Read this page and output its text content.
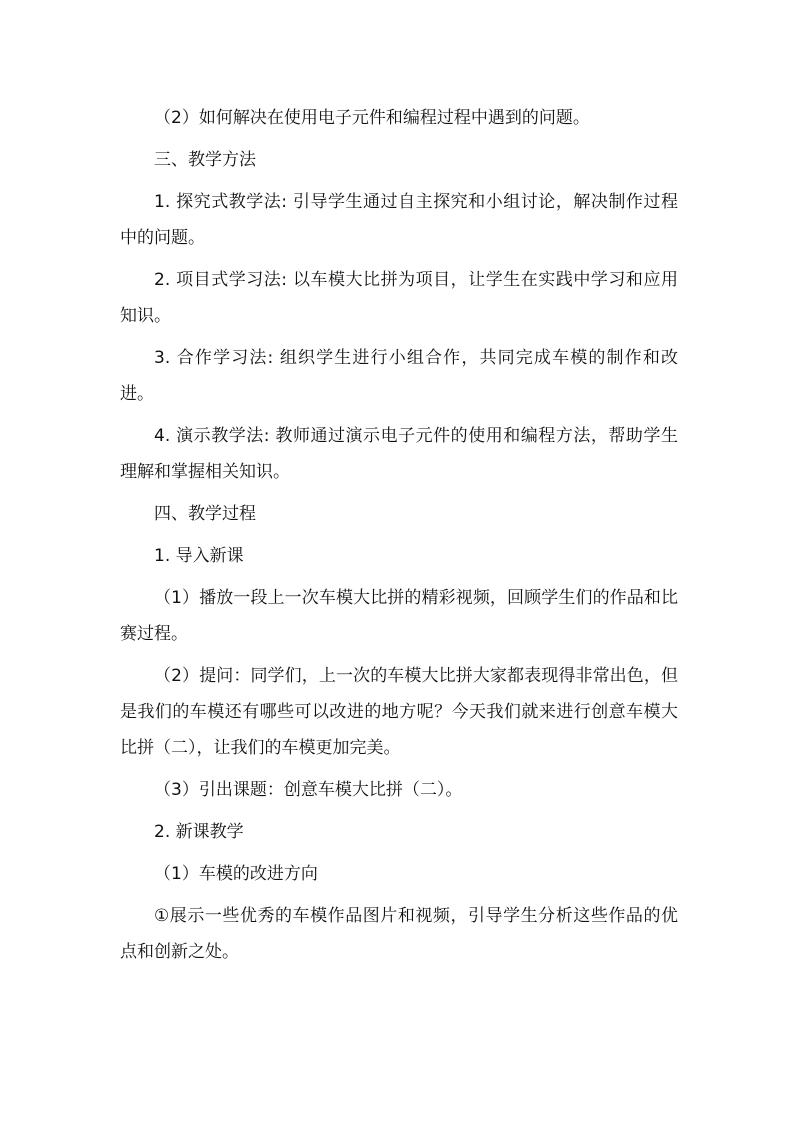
（2）如何解决在使用电子元件和编程过程中遇到的问题。

三、教学方法

1. 探究式教学法: 引导学生通过自主探究和小组讨论，解决制作过程中的问题。

2. 项目式学习法: 以车模大比拼为项目，让学生在实践中学习和应用知识。

3. 合作学习法: 组织学生进行小组合作，共同完成车模的制作和改进。

4. 演示教学法: 教师通过演示电子元件的使用和编程方法，帮助学生理解和掌握相关知识。

四、教学过程

1. 导入新课

（1）播放一段上一次车模大比拼的精彩视频，回顾学生们的作品和比赛过程。

（2）提问：同学们，上一次的车模大比拼大家都表现得非常出色，但是我们的车模还有哪些可以改进的地方呢？今天我们就来进行创意车模大比拼（二），让我们的车模更加完美。

（3）引出课题：创意车模大比拼（二）。

2. 新课教学

（1）车模的改进方向

①展示一些优秀的车模作品图片和视频，引导学生分析这些作品的优点和创新之处。
